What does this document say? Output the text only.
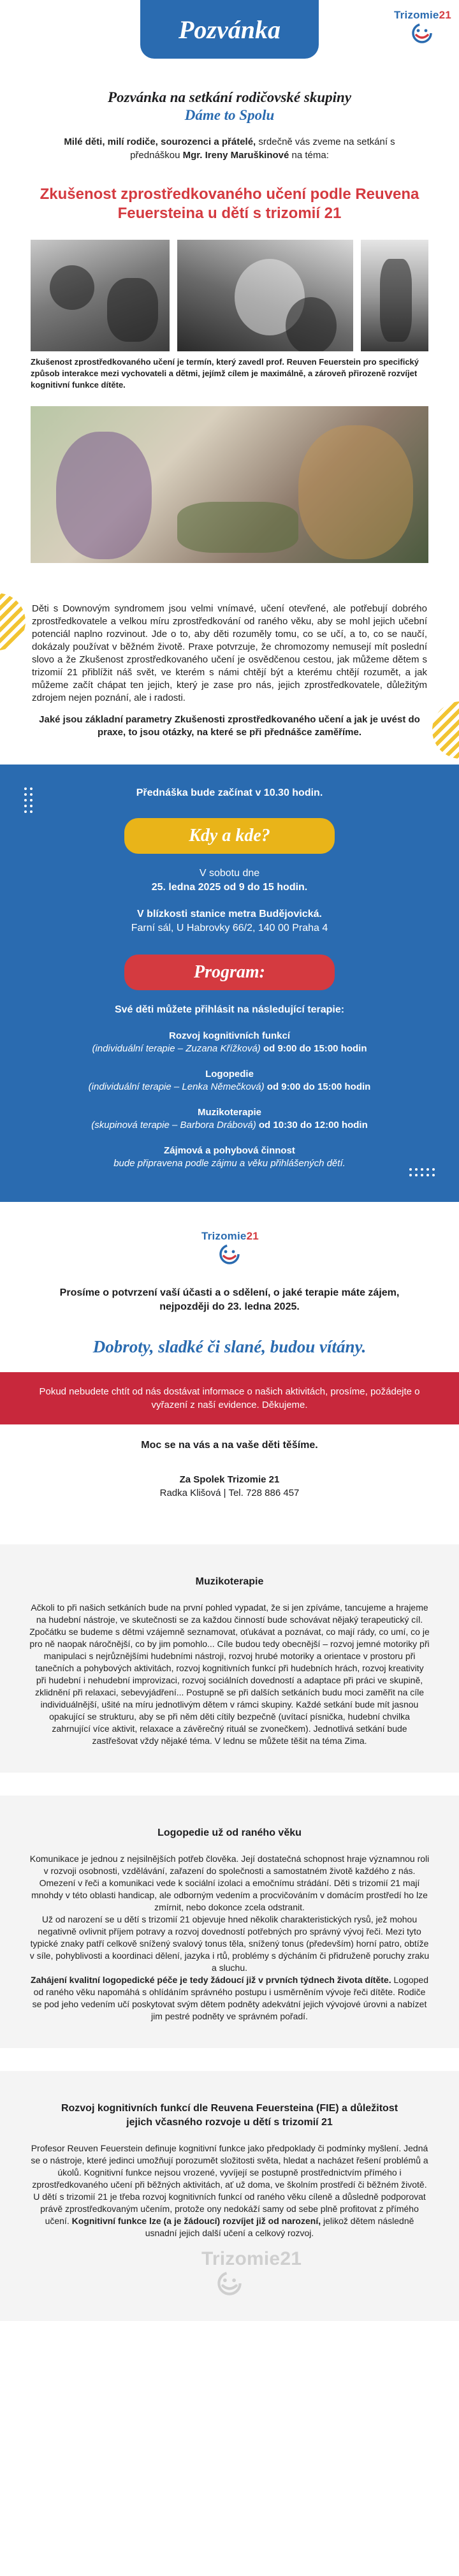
Pozvánka	Trizomie21
Pozvánka na setkání rodičovské skupiny
Dáme to Spolu

Milé děti, milí rodiče, sourozenci a přátelé, srdečně vás zveme na setkání s přednáškou Mgr. Ireny Maruškinové na téma:

Zkušenost zprostředkovaného učení podle Reuvena Feuersteina u dětí s trizomií 21

Zkušenost zprostředkovaného učení je termín, který zavedl prof. Reuven Feuerstein pro specifický způsob interakce mezi vychovateli a dětmi, jejímž cílem je maximálně, a zároveň přirozeně rozvíjet kognitivní funkce dítěte.

Děti s Downovým syndromem jsou velmi vnímavé, učení otevřené, ale potřebují dobrého zprostředkovatele a velkou míru zprostředkování od raného věku, aby se mohl jejich učební potenciál naplno rozvinout. Jde o to, aby děti rozuměly tomu, co se učí, a to, co se naučí, dokázaly používat v běžném životě. Praxe potvrzuje, že chromozomy nemusejí mít poslední slovo a že Zkušenost zprostředkovaného učení je osvědčenou cestou, jak můžeme dětem s trizomií 21 přiblížit náš svět, ve kterém s námi chtějí být a kterému chtějí rozumět, a jak můžeme začít chápat ten jejich, který je zase pro nás, jejich zprostředkovatele, důležitým zdrojem nejen poznání, ale i radosti.

Jaké jsou základní parametry Zkušenosti zprostředkovaného učení a jak je uvést do praxe, to jsou otázky, na které se při přednášce zaměříme.

Přednáška bude začínat v 10.30 hodin.
Kdy a kde?
V sobotu dne
25. ledna 2025 od 9 do 15 hodin.
V blízkosti stanice metra Budějovická.
Farní sál, U Habrovky 66/2, 140 00 Praha 4
Program:
Své děti můžete přihlásit na následující terapie:
Rozvoj kognitivních funkcí
(individuální terapie – Zuzana Křížková) od 9:00 do 15:00 hodin
Logopedie
(individuální terapie – Lenka Němečková) od 9:00 do 15:00 hodin
Muzikoterapie
(skupinová terapie – Barbora Drábová) od 10:30 do 12:00 hodin
Zájmová a pohybová činnost
bude připravena podle zájmu a věku přihlášených dětí.
Trizomie21

Prosíme o potvrzení vaší účasti a o sdělení, o jaké terapie máte zájem, nejpozději do 23. ledna 2025.

Dobroty, sladké či slané, budou vítány.
Pokud nebudete chtít od nás dostávat informace o našich aktivitách, prosíme, požádejte o vyřazení z naší evidence. Děkujeme.
Moc se na vás a na vaše děti těšíme.
Za Spolek Trizomie 21
Radka Klišová | Tel. 728 886 457
Muzikoterapie

Ačkoli to při našich setkáních bude na první pohled vypadat, že si jen zpíváme, tancujeme a hrajeme na hudební nástroje, ve skutečnosti se za každou činností bude schovávat nějaký terapeutický cíl. Zpočátku se budeme s dětmi vzájemně seznamovat, oťukávat a poznávat, co mají rády, co umí, co je pro ně naopak náročnější, co by jim pomohlo... Cíle budou tedy obecnější – rozvoj jemné motoriky při manipulaci s nejrůznějšími hudebními nástroji, rozvoj hrubé motoriky a orientace v prostoru při tanečních a pohybových aktivitách, rozvoj kognitivních funkcí při hudebních hrách, rozvoj kreativity při hudební i nehudební improvizaci, rozvoj sociálních dovedností a adaptace při práci ve skupině, zklidnění při relaxaci, sebevyjádření... Postupně se při dalších setkáních budu moci zaměřit na cíle individuálnější, ušité na míru jednotlivým dětem v rámci skupiny. Každé setkání bude mít jasnou opakující se strukturu, aby se při něm děti cítily bezpečně (uvítací písnička, hudební chvilka zahrnující více aktivit, relaxace a závěrečný rituál se zvonečkem). Jednotlivá setkání bude zastřešovat vždy nějaké téma. V lednu se můžete těšit na téma Zima.

Logopedie už od raného věku

Komunikace je jednou z nejsilnějších potřeb člověka. Její dostatečná schopnost hraje významnou roli v rozvoji osobnosti, vzdělávání, zařazení do společnosti a samostatném životě každého z nás. Omezení v řeči a komunikaci vede k sociální izolaci a emočnímu strádání. Děti s trizomií 21 mají mnohdy v této oblasti handicap, ale odborným vedením a procvičováním v domácím prostředí ho lze zmírnit, nebo dokonce zcela odstranit.

Už od narození se u dětí s trizomií 21 objevuje hned několik charakteristických rysů, jež mohou negativně ovlivnit příjem potravy a rozvoj dovedností potřebných pro správný vývoj řeči. Mezi tyto typické znaky patří celkově snížený svalový tonus těla, snížený tonus (především) horní patro, obtíže v síle, pohyblivosti a koordinaci dělení, jazyka i rtů, problémy s dýcháním či přidruženě poruchy zraku a sluchu.

Zahájení kvalitní logopedické péče je tedy žádoucí již v prvních týdnech života dítěte. Logoped od raného věku napomáhá s ohlídáním správného postupu i usměrněním vývoje řeči dítěte. Rodiče se pod jeho vedením učí poskytovat svým dětem podněty adekvátní jejich vývojové úrovni a nabízet jim pestré podněty ve správném pořadí.

Rozvoj kognitivních funkcí dle Reuvena Feuersteina (FIE) a důležitost jejich včasného rozvoje u dětí s trizomií 21

Profesor Reuven Feuerstein definuje kognitivní funkce jako předpoklady či podmínky myšlení. Jedná se o nástroje, které jedinci umožňují porozumět složitosti světa, hledat a nacházet řešení problémů a úkolů. Kognitivní funkce nejsou vrozené, vyvíjejí se postupně prostřednictvím přímého i zprostředkovaného učení při běžných aktivitách, ať už doma, ve školním prostředí či běžném životě.

U dětí s trizomií 21 je třeba rozvoj kognitivních funkcí od raného věku cíleně a důsledně podporovat právě zprostředkovaným učením, protože ony nedokáží samy od sebe plně profitovat z přímého učení. Kognitivní funkce lze (a je žádoucí) rozvíjet již od narození, jelikož dětem následně usnadní jejich další učení a celkový rozvoj.

Trizomie21
